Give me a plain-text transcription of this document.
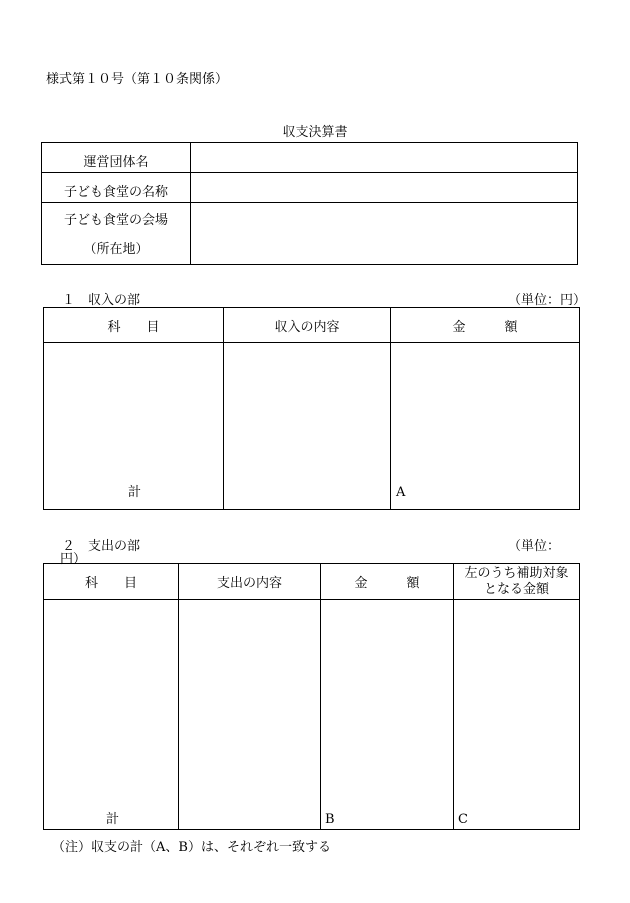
様式第１０号（第１０条関係）
収支決算書
運営団体名	
子ども食堂の名称	

子ども食堂の会場
（所在地）	

１　収入の部	（単位：円）
科　　目	収入の内容	金　　　額

計		A
２　支出の部	（単位：
円）
科　　目	支出の内容	金　　　額	左のうち補助対象
となる金額

計		B	C
（注）収支の計（A、B）は、それぞれ一致する
